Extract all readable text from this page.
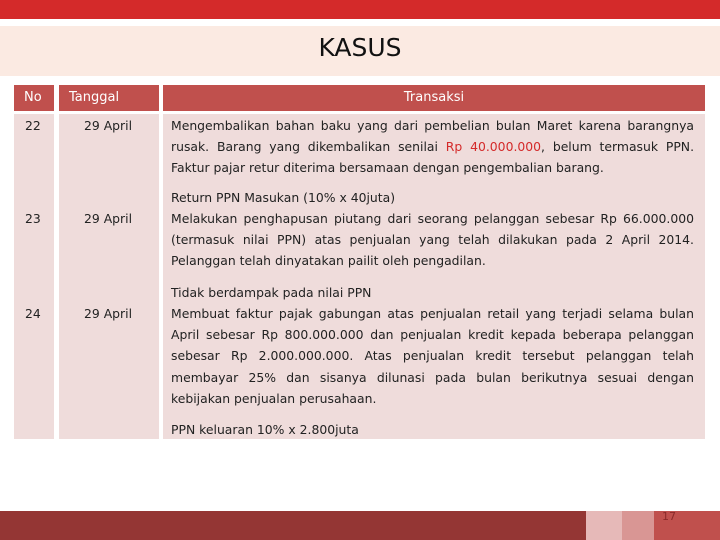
KASUS
No	Tanggal	Transaksi
22	29 April	Mengembalikan bahan baku yang dari pembelian bulan Maret karena barangnya rusak. Barang yang dikembalikan senilai Rp 40.000.000, belum termasuk PPN. Faktur pajar retur diterima bersamaan dengan pengembalian barang.
Return PPN Masukan (10% x 40juta)
23	29 April	Melakukan penghapusan piutang dari seorang pelanggan sebesar Rp 66.000.000 (termasuk nilai PPN) atas penjualan yang telah dilakukan pada 2 April 2014. Pelanggan telah dinyatakan pailit oleh pengadilan.
Tidak berdampak pada nilai PPN
24	29 April	Membuat faktur pajak gabungan atas penjualan retail yang terjadi selama bulan April sebesar Rp 800.000.000 dan penjualan kredit kepada beberapa pelanggan sebesar Rp 2.000.000.000. Atas penjualan kredit tersebut pelanggan telah membayar 25% dan sisanya dilunasi pada bulan berikutnya sesuai dengan kebijakan penjualan perusahaan.
PPN keluaran 10% x 2.800juta
17
